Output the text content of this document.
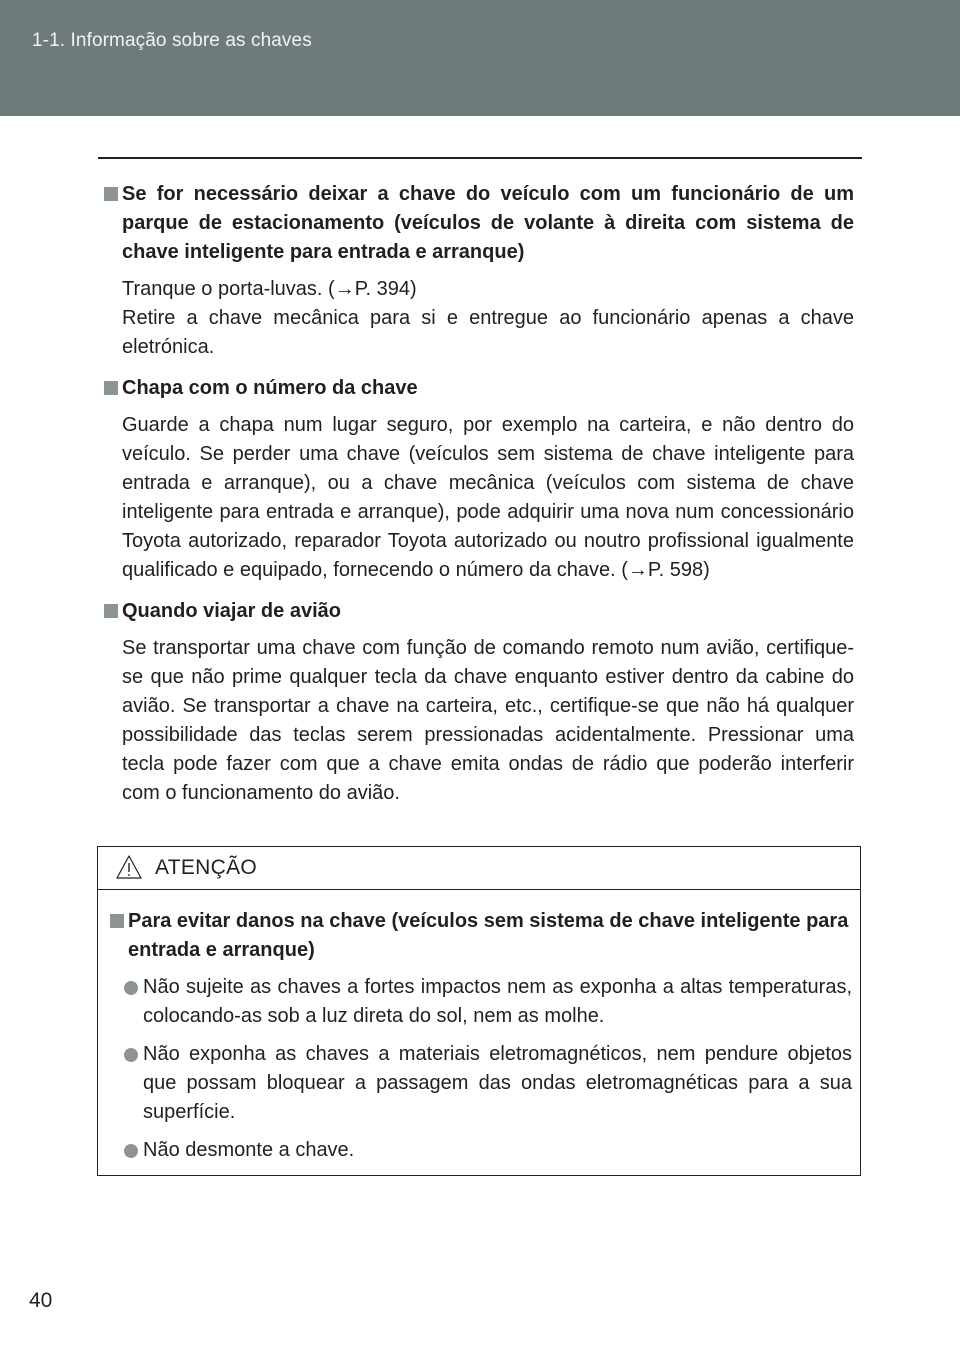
1-1. Informação sobre as chaves
Se for necessário deixar a chave do veículo com um funcionário de um parque de estacionamento (veículos de volante à direita com sistema de chave inteligente para entrada e arranque)

Tranque o porta-luvas. (→P. 394)

Retire a chave mecânica para si e entregue ao funcionário apenas a chave eletrónica.

Chapa com o número da chave

Guarde a chapa num lugar seguro, por exemplo na carteira, e não dentro do veículo. Se perder uma chave (veículos sem sistema de chave inteligente para entrada e arranque), ou a chave mecânica (veículos com sistema de chave inteligente para entrada e arranque), pode adquirir uma nova num concessionário Toyota autorizado, reparador Toyota autorizado ou noutro profissional igualmente qualificado e equipado, fornecendo o número da chave. (→P. 598)

Quando viajar de avião

Se transportar uma chave com função de comando remoto num avião, certifique-se que não prime qualquer tecla da chave enquanto estiver dentro da cabine do avião. Se transportar a chave na carteira, etc., certifique-se que não há qualquer possibilidade das teclas serem pressionadas acidentalmente. Pressionar uma tecla pode fazer com que a chave emita ondas de rádio que poderão interferir com o funcionamento do avião.

ATENÇÃO
Para evitar danos na chave (veículos sem sistema de chave inteligente para entrada e arranque)
Não sujeite as chaves a fortes impactos nem as exponha a altas temperaturas, colocando-as sob a luz direta do sol, nem as molhe.
Não exponha as chaves a materiais eletromagnéticos, nem pendure objetos que possam bloquear a passagem das ondas eletromagnéticas para a sua superfície.
Não desmonte a chave.
40
